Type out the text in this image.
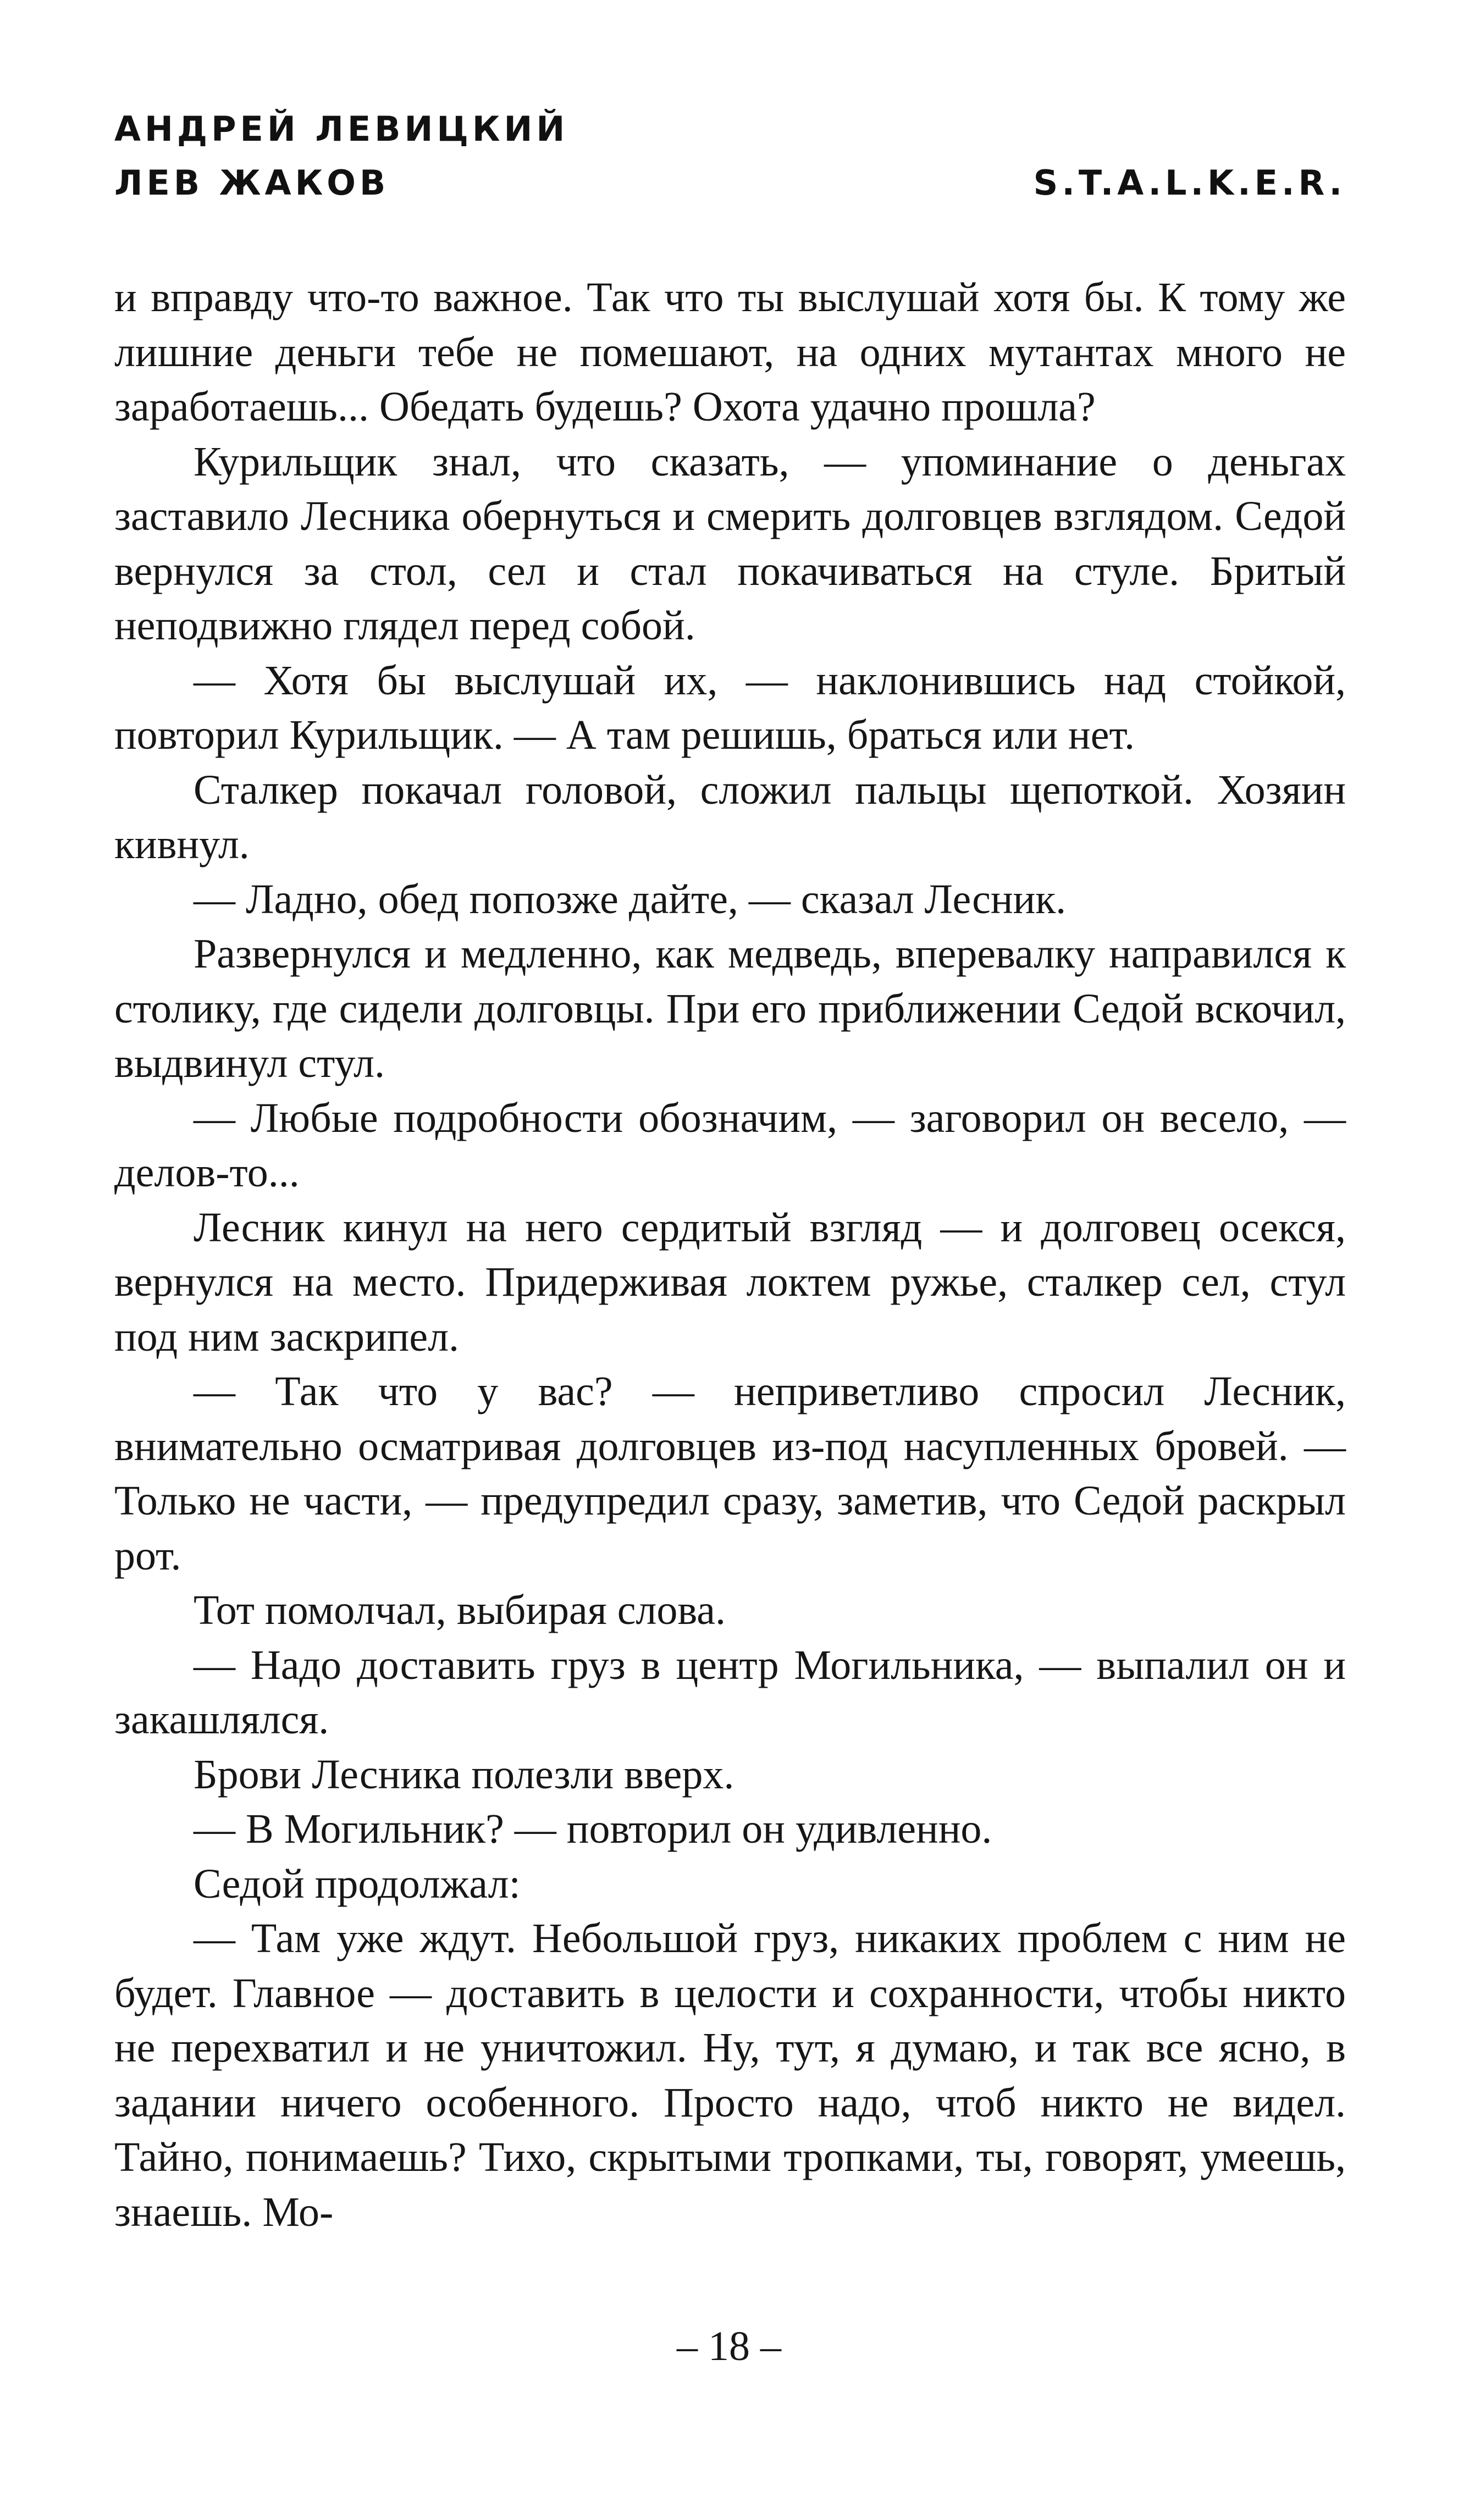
АНДРЕЙ ЛЕВИЦКИЙ
ЛЕВ ЖАКОВ	S.T.A.L.K.E.R.

и вправду что-то важное. Так что ты выслушай хотя бы. К тому же лишние деньги тебе не помешают, на одних мутантах много не заработаешь... Обедать будешь? Охота удачно прошла?

Курильщик знал, что сказать, — упоминание о деньгах заставило Лесника обернуться и смерить долговцев взглядом. Седой вернулся за стол, сел и стал покачиваться на стуле. Бритый неподвижно глядел перед собой.

— Хотя бы выслушай их, — наклонившись над стойкой, повторил Курильщик. — А там решишь, браться или нет.

Сталкер покачал головой, сложил пальцы щепоткой. Хозяин кивнул.

— Ладно, обед попозже дайте, — сказал Лесник.

Развернулся и медленно, как медведь, вперевалку направился к столику, где сидели долговцы. При его приближении Седой вскочил, выдвинул стул.

— Любые подробности обозначим, — заговорил он весело, — делов-то...

Лесник кинул на него сердитый взгляд — и долговец осекся, вернулся на место. Придерживая локтем ружье, сталкер сел, стул под ним заскрипел.

— Так что у вас? — неприветливо спросил Лесник, внимательно осматривая долговцев из-под насупленных бровей. — Только не части, — предупредил сразу, заметив, что Седой раскрыл рот.

Тот помолчал, выбирая слова.

— Надо доставить груз в центр Могильника, — выпалил он и закашлялся.

Брови Лесника полезли вверх.

— В Могильник? — повторил он удивленно.

Седой продолжал:

— Там уже ждут. Небольшой груз, никаких проблем с ним не будет. Главное — доставить в целости и сохранности, чтобы никто не перехватил и не уничтожил. Ну, тут, я думаю, и так все ясно, в задании ничего особенного. Просто надо, чтоб никто не видел. Тайно, понимаешь? Тихо, скрытыми тропками, ты, говорят, умеешь, знаешь. Мо-

– 18 –
